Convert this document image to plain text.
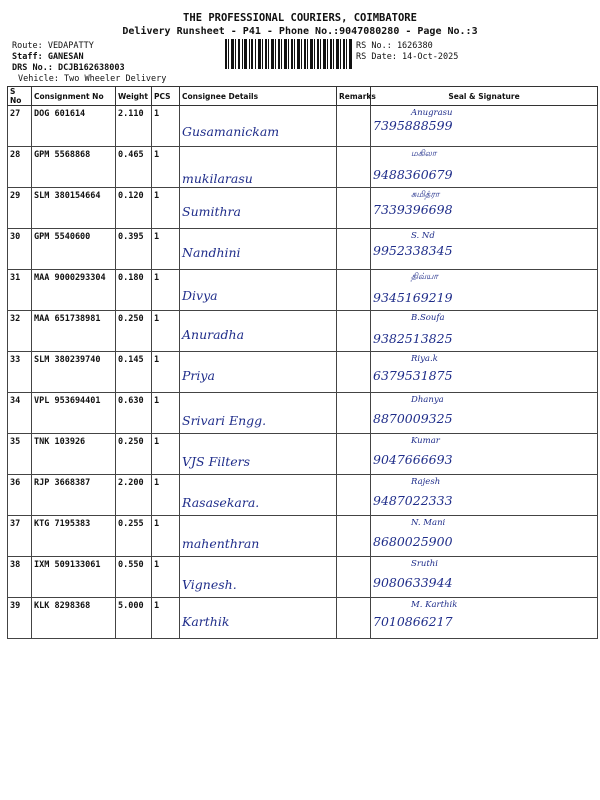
THE PROFESSIONAL COURIERS, COIMBATORE
Delivery Runsheet - P41 - Phone No.:9047080280 - Page No.:3
Route: VEDAPATTY
Staff: GANESAN
DRS No.: DCJB162638003
Vehicle: Two Wheeler Delivery
RS No.: 1626380
RS Date: 14-Oct-2025
S No	Consignment No	Weight	PCS	Consignee Details	Remarks	Seal & Signature

27	DOG 601614	2.110	1	Gusamanickam		Anugrasu
7395888599

28	GPM 5568868	0.465	1	mukilarasu		மகிலா
9488360679

29	SLM 380154664	0.120	1	Sumithra		சுமித்ரா
7339396698

30	GPM 5540600	0.395	1	Nandhini		S. Nd
9952338345

31	MAA 9000293304	0.180	1	Divya		திவ்யா
9345169219

32	MAA 651738981	0.250	1	Anuradha		B.Soufa
9382513825

33	SLM 380239740	0.145	1	Priya		Riya.k
6379531875

34	VPL 953694401	0.630	1	Srivari Engg.		Dhanya
8870009325

35	TNK 103926	0.250	1	VJS Filters		Kumar
9047666693

36	RJP 3668387	2.200	1	Rasasekara.		Rajesh
9487022333

37	KTG 7195383	0.255	1	mahenthran		N. Mani
8680025900

38	IXM 509133061	0.550	1	Vignesh.		Sruthi
9080633944

39	KLK 8298368	5.000	1	Karthik		M. Karthik
7010866217
